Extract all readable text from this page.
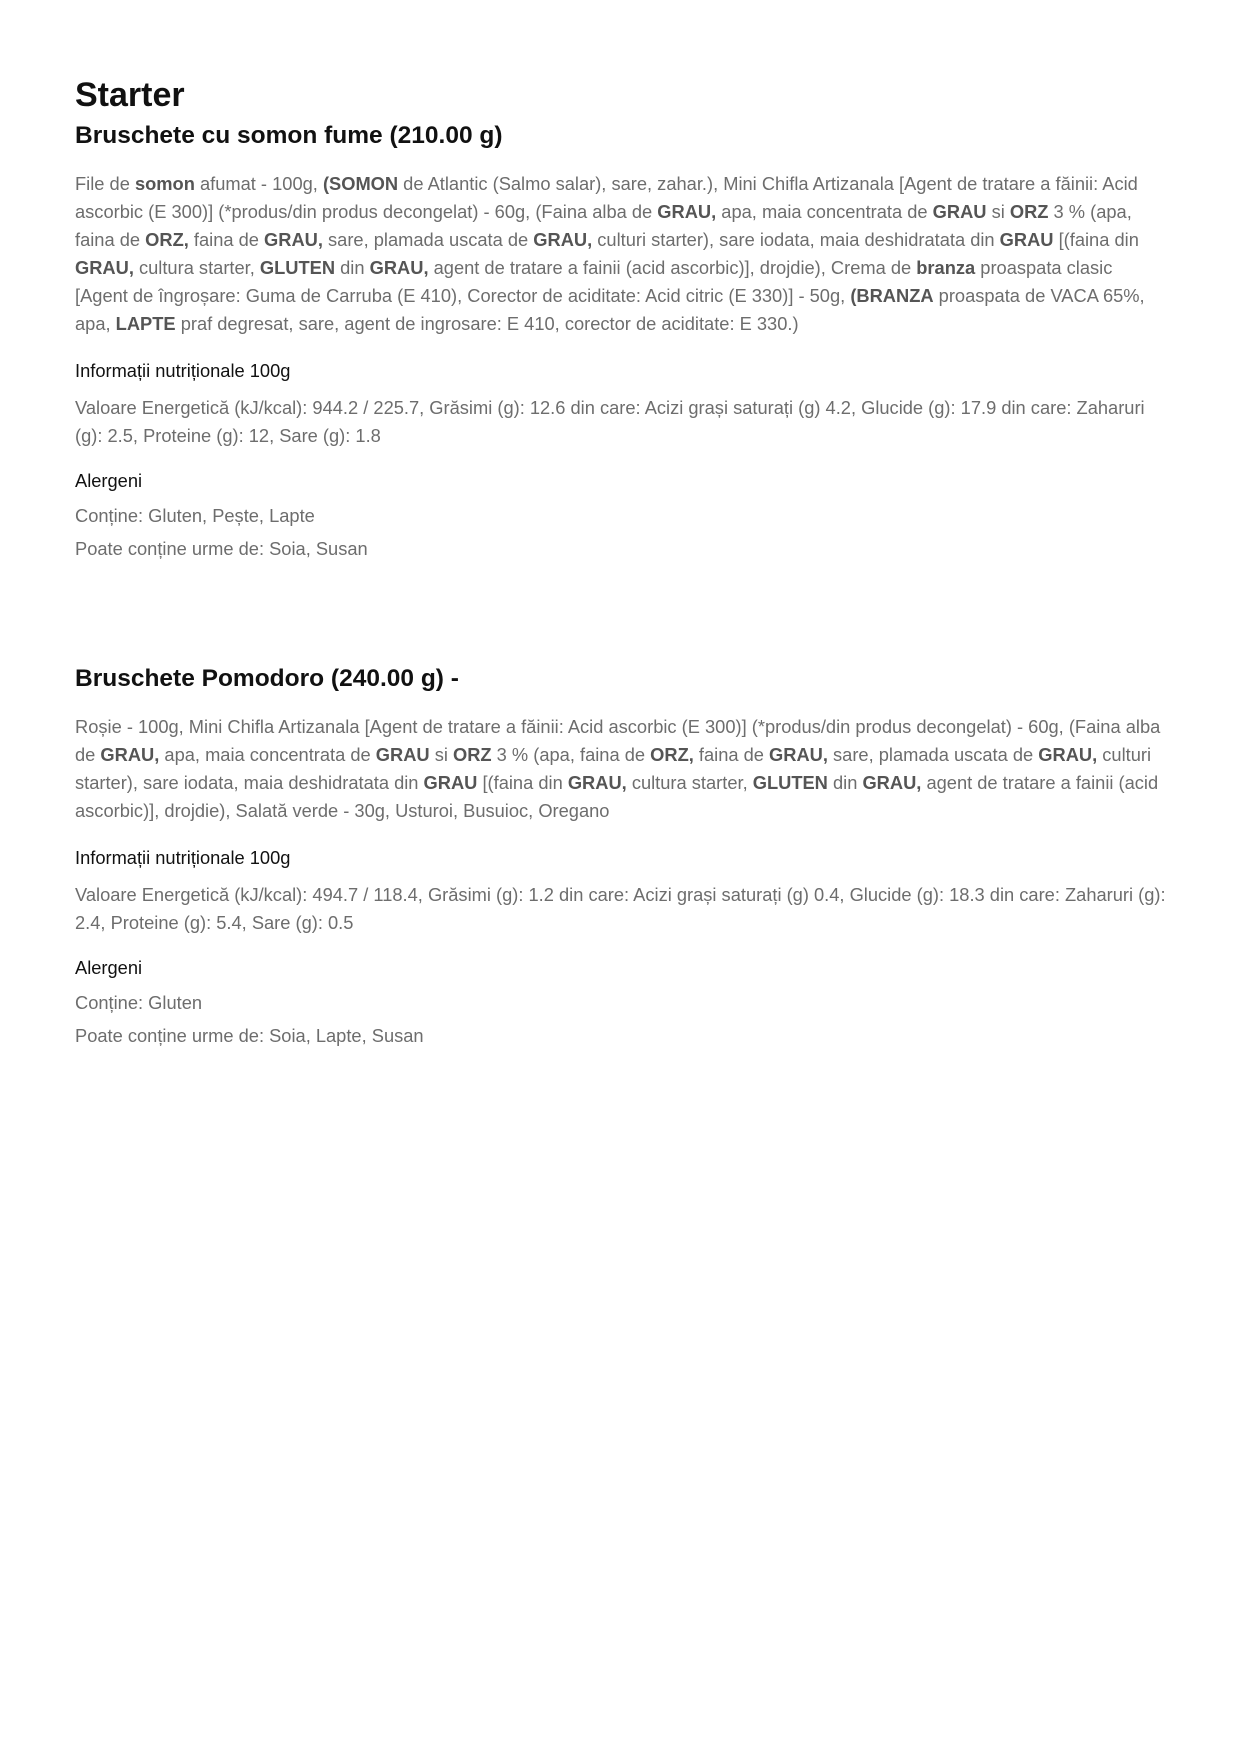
Starter
Bruschete cu somon fume (210.00 g)

File de somon afumat - 100g, (SOMON de Atlantic (Salmo salar), sare, zahar.), Mini Chifla Artizanala [Agent de tratare a făinii: Acid ascorbic (E 300)] (*produs/din produs decongelat) - 60g, (Faina alba de GRAU, apa, maia concentrata de GRAU si ORZ 3 % (apa, faina de ORZ, faina de GRAU, sare, plamada uscata de GRAU, culturi starter), sare iodata, maia deshidratata din GRAU [(faina din GRAU, cultura starter, GLUTEN din GRAU, agent de tratare a fainii (acid ascorbic)], drojdie), Crema de branza proaspata clasic [Agent de îngroșare: Guma de Carruba (E 410), Corector de aciditate: Acid citric (E 330)] - 50g, (BRANZA proaspata de VACA 65%, apa, LAPTE praf degresat, sare, agent de ingrosare: E 410, corector de aciditate: E 330.)

Informații nutriționale 100g

Valoare Energetică (kJ/kcal): 944.2 / 225.7, Grăsimi (g): 12.6 din care: Acizi grași saturați (g) 4.2, Glucide (g): 17.9 din care: Zaharuri (g): 2.5, Proteine (g): 12, Sare (g): 1.8

Alergeni

Conține: Gluten, Pește, Lapte

Poate conține urme de: Soia, Susan

Bruschete Pomodoro (240.00 g) -

Roșie - 100g, Mini Chifla Artizanala [Agent de tratare a făinii: Acid ascorbic (E 300)] (*produs/din produs decongelat) - 60g, (Faina alba de GRAU, apa, maia concentrata de GRAU si ORZ 3 % (apa, faina de ORZ, faina de GRAU, sare, plamada uscata de GRAU, culturi starter), sare iodata, maia deshidratata din GRAU [(faina din GRAU, cultura starter, GLUTEN din GRAU, agent de tratare a fainii (acid ascorbic)], drojdie), Salată verde - 30g, Usturoi, Busuioc, Oregano

Informații nutriționale 100g

Valoare Energetică (kJ/kcal): 494.7 / 118.4, Grăsimi (g): 1.2 din care: Acizi grași saturați (g) 0.4, Glucide (g): 18.3 din care: Zaharuri (g): 2.4, Proteine (g): 5.4, Sare (g): 0.5

Alergeni

Conține: Gluten

Poate conține urme de: Soia, Lapte, Susan
